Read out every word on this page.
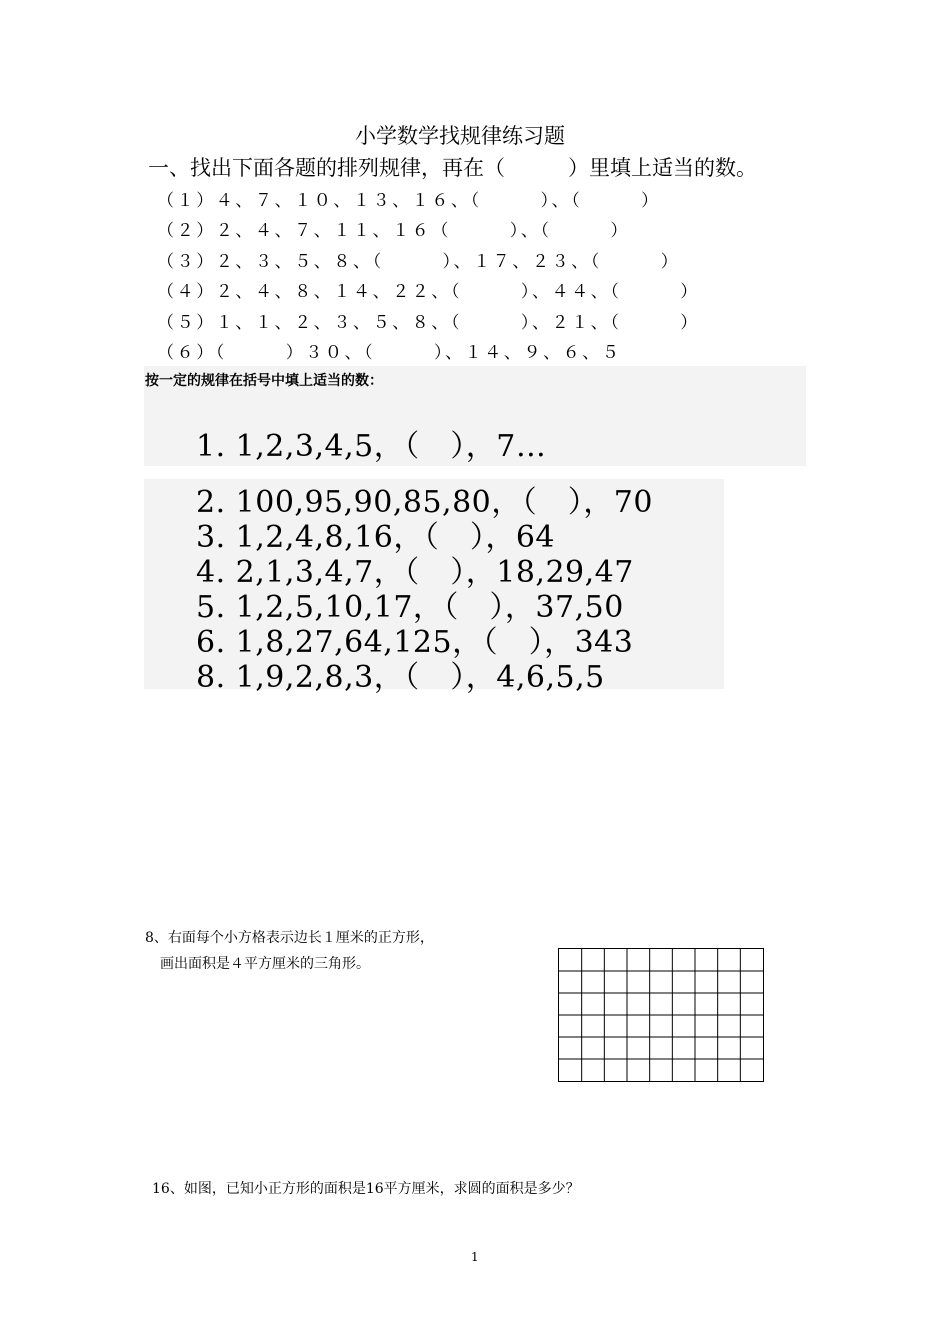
小学数学找规律练习题
一、找出下面各题的排列规律，再在（　　　）里填上适当的数。
（１）４、７、１０、１３、１６、（　　　）、（　　　）
（２）２、４、７、１１、１６（　　　）、（　　　）
（３）２、３、５、８、（　　　）、１７、２３、（　　　）
（４）２、４、８、１４、２２、（　　　）、４４、（　　　）
（５）１、１、２、３、５、８、（　　　）、２１、（　　　）
（６）（　　　）３０、（　　　）、１４、９、６、５
按一定的规律在括号中填上适当的数：
1. 1,2,3,4,5，（　），7…
2. 100,95,90,85,80，（　），70
3. 1,2,4,8,16，（　），64
4. 2,1,3,4,7，（　），18,29,47
5. 1,2,5,10,17，（　），37,50
6. 1,8,27,64,125，（　），343
8. 1,9,2,8,3，（　），4,6,5,5
8、右面每个小方格表示边长１厘米的正方形，
画出面积是４平方厘米的三角形。
16、如图，已知小正方形的面积是16平方厘米，求圆的面积是多少？
1
